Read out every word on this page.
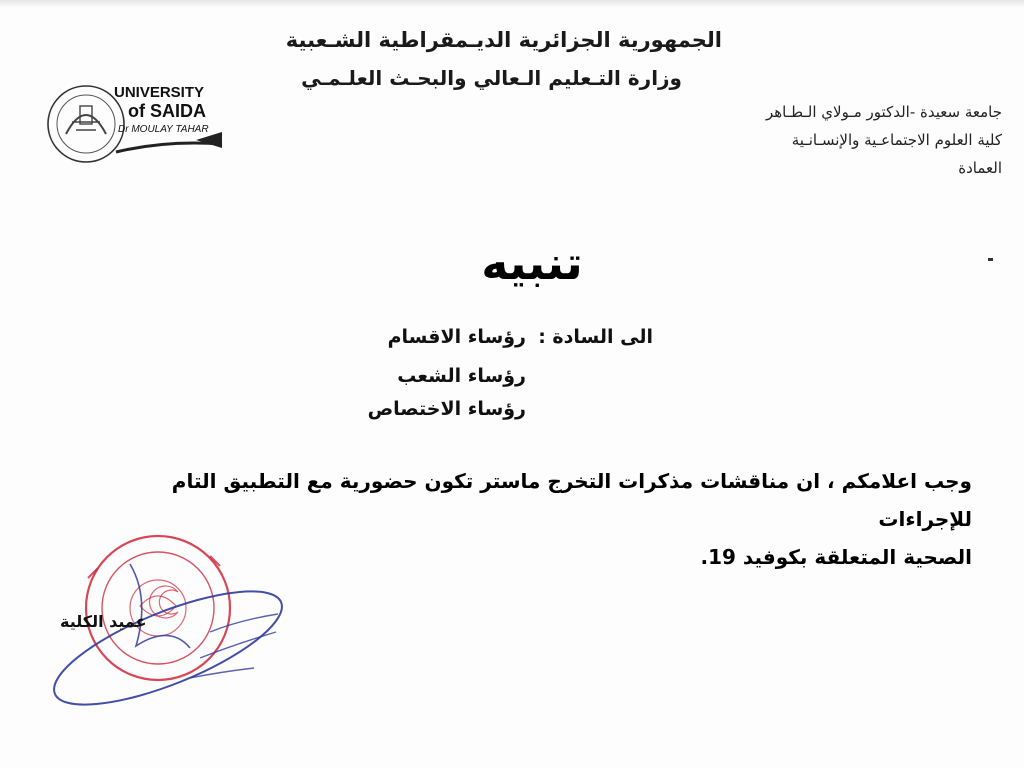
الجمهورية الجزائرية الديـمقراطية الشـعبية
وزارة التـعليم الـعالي والبحـث العلـمـي
جامعة سعيدة -الدكتور مـولاي الـطـاهر
كلية العلوم الاجتماعـية والإنسـانـية
العمادة
UNIVERSITY
of SAIDA
Dr MOULAY TAHAR
تنبيه
الى السادة :
رؤساء الاقسام
رؤساء الشعب
رؤساء الاختصاص
وجب اعلامكم ، ان مناقشات مذكرات التخرج ماستر تكون حضورية مع التطبيق التام للإجراءات
الصحية المتعلقة بكوفيد 19.
عميد الكلية
